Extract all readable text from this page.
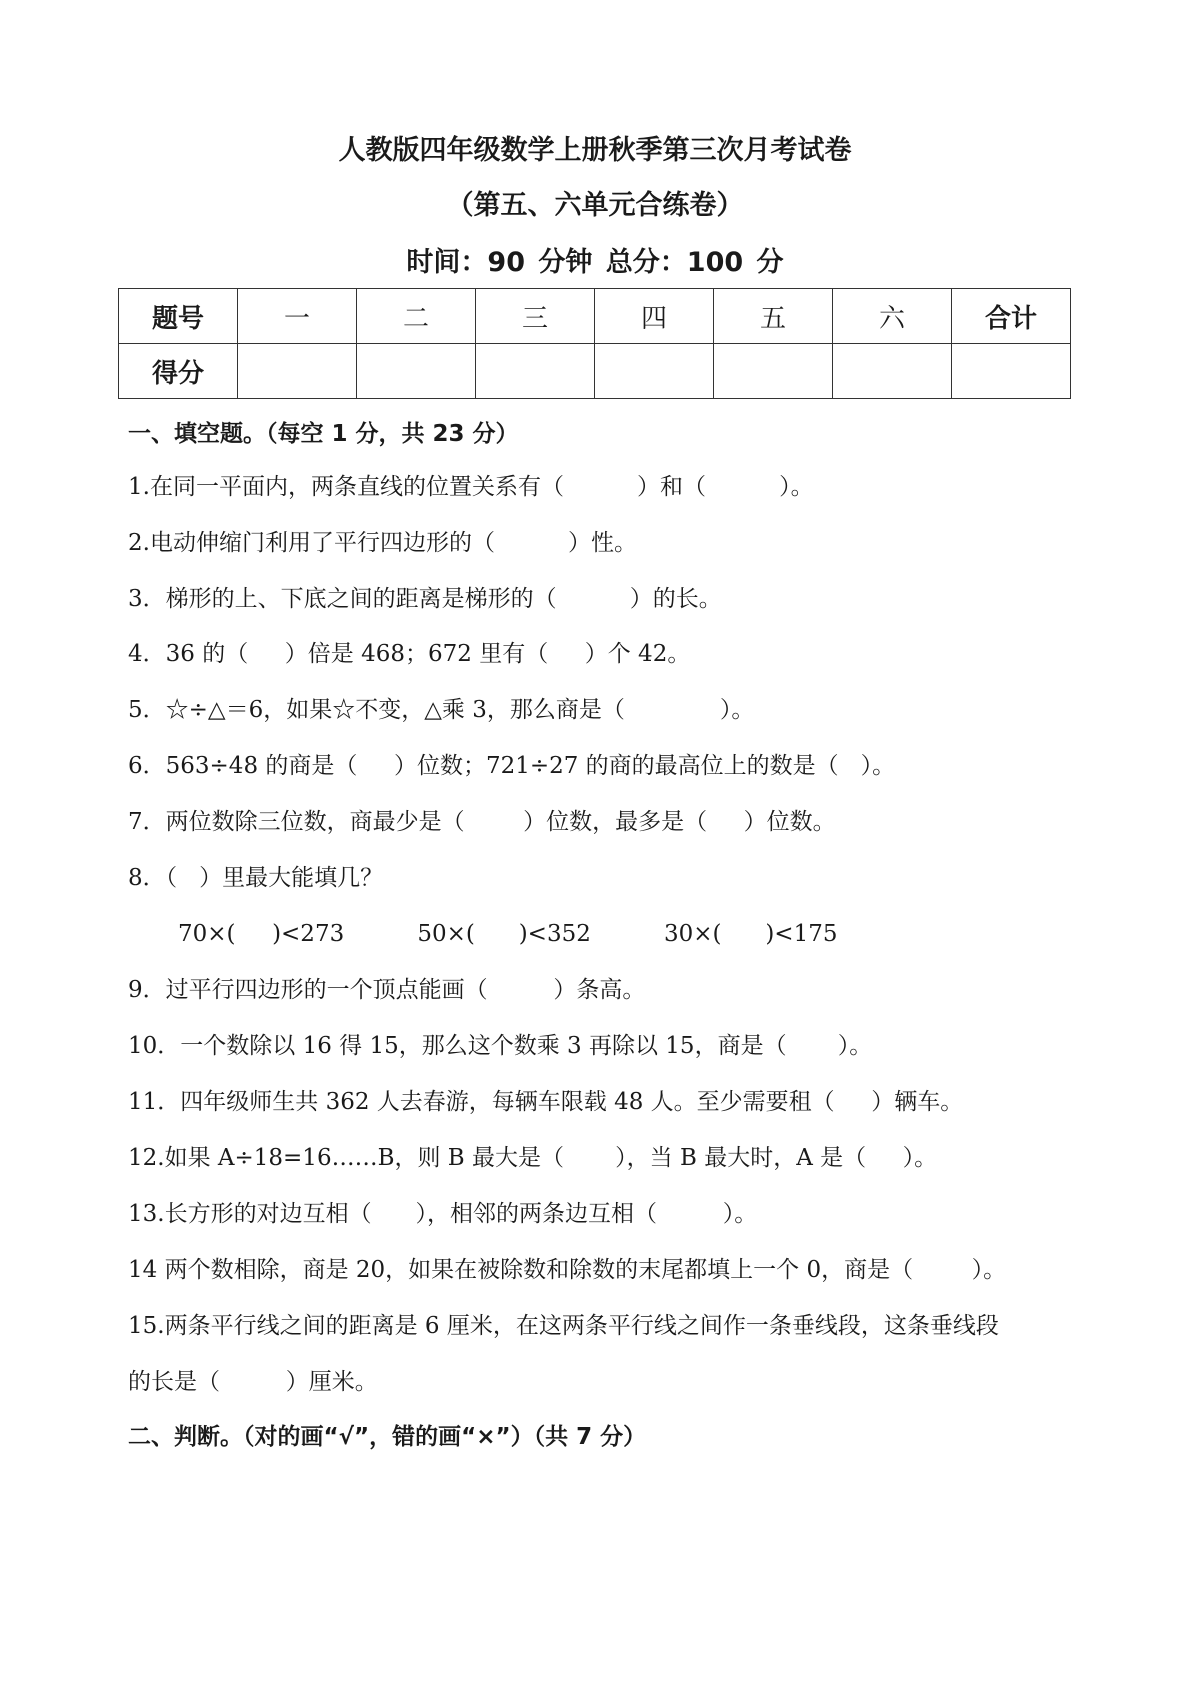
人教版四年级数学上册秋季第三次月考试卷
（第五、六单元合练卷）
时间：90 分钟 总分：100 分
题号	一	二	三	四	五	六	合计
得分							

一、填空题。（每空 1 分，共 23 分）

1.在同一平面内，两条直线的位置关系有（          ）和（          ）。

2.电动伸缩门利用了平行四边形的（          ）性。

3．梯形的上、下底之间的距离是梯形的（          ）的长。

4．36 的（     ）倍是 468；672 里有（     ）个 42。

5．☆÷△＝6，如果☆不变，△乘 3，那么商是（             ）。

6．563÷48 的商是（     ）位数；721÷27 的商的最高位上的数是（   ）。

7．两位数除三位数，商最少是（        ）位数，最多是（     ）位数。

8．（   ）里最大能填几？

70×(     )<273          50×(      )<352          30×(      )<175

9．过平行四边形的一个顶点能画（         ）条高。

10．一个数除以 16 得 15，那么这个数乘 3 再除以 15，商是（       ）。

11．四年级师生共 362 人去春游，每辆车限载 48 人。至少需要租（     ）辆车。

12.如果 A÷18=16……B，则 B 最大是（       ），当 B 最大时，A 是（     ）。

13.长方形的对边互相（      ），相邻的两条边互相（         ）。

14 两个数相除，商是 20，如果在被除数和除数的末尾都填上一个 0，商是（        ）。

15.两条平行线之间的距离是 6 厘米，在这两条平行线之间作一条垂线段，这条垂线段

的长是（         ）厘米。

二、判断。（对的画“√”，错的画“×”）（共 7 分）
